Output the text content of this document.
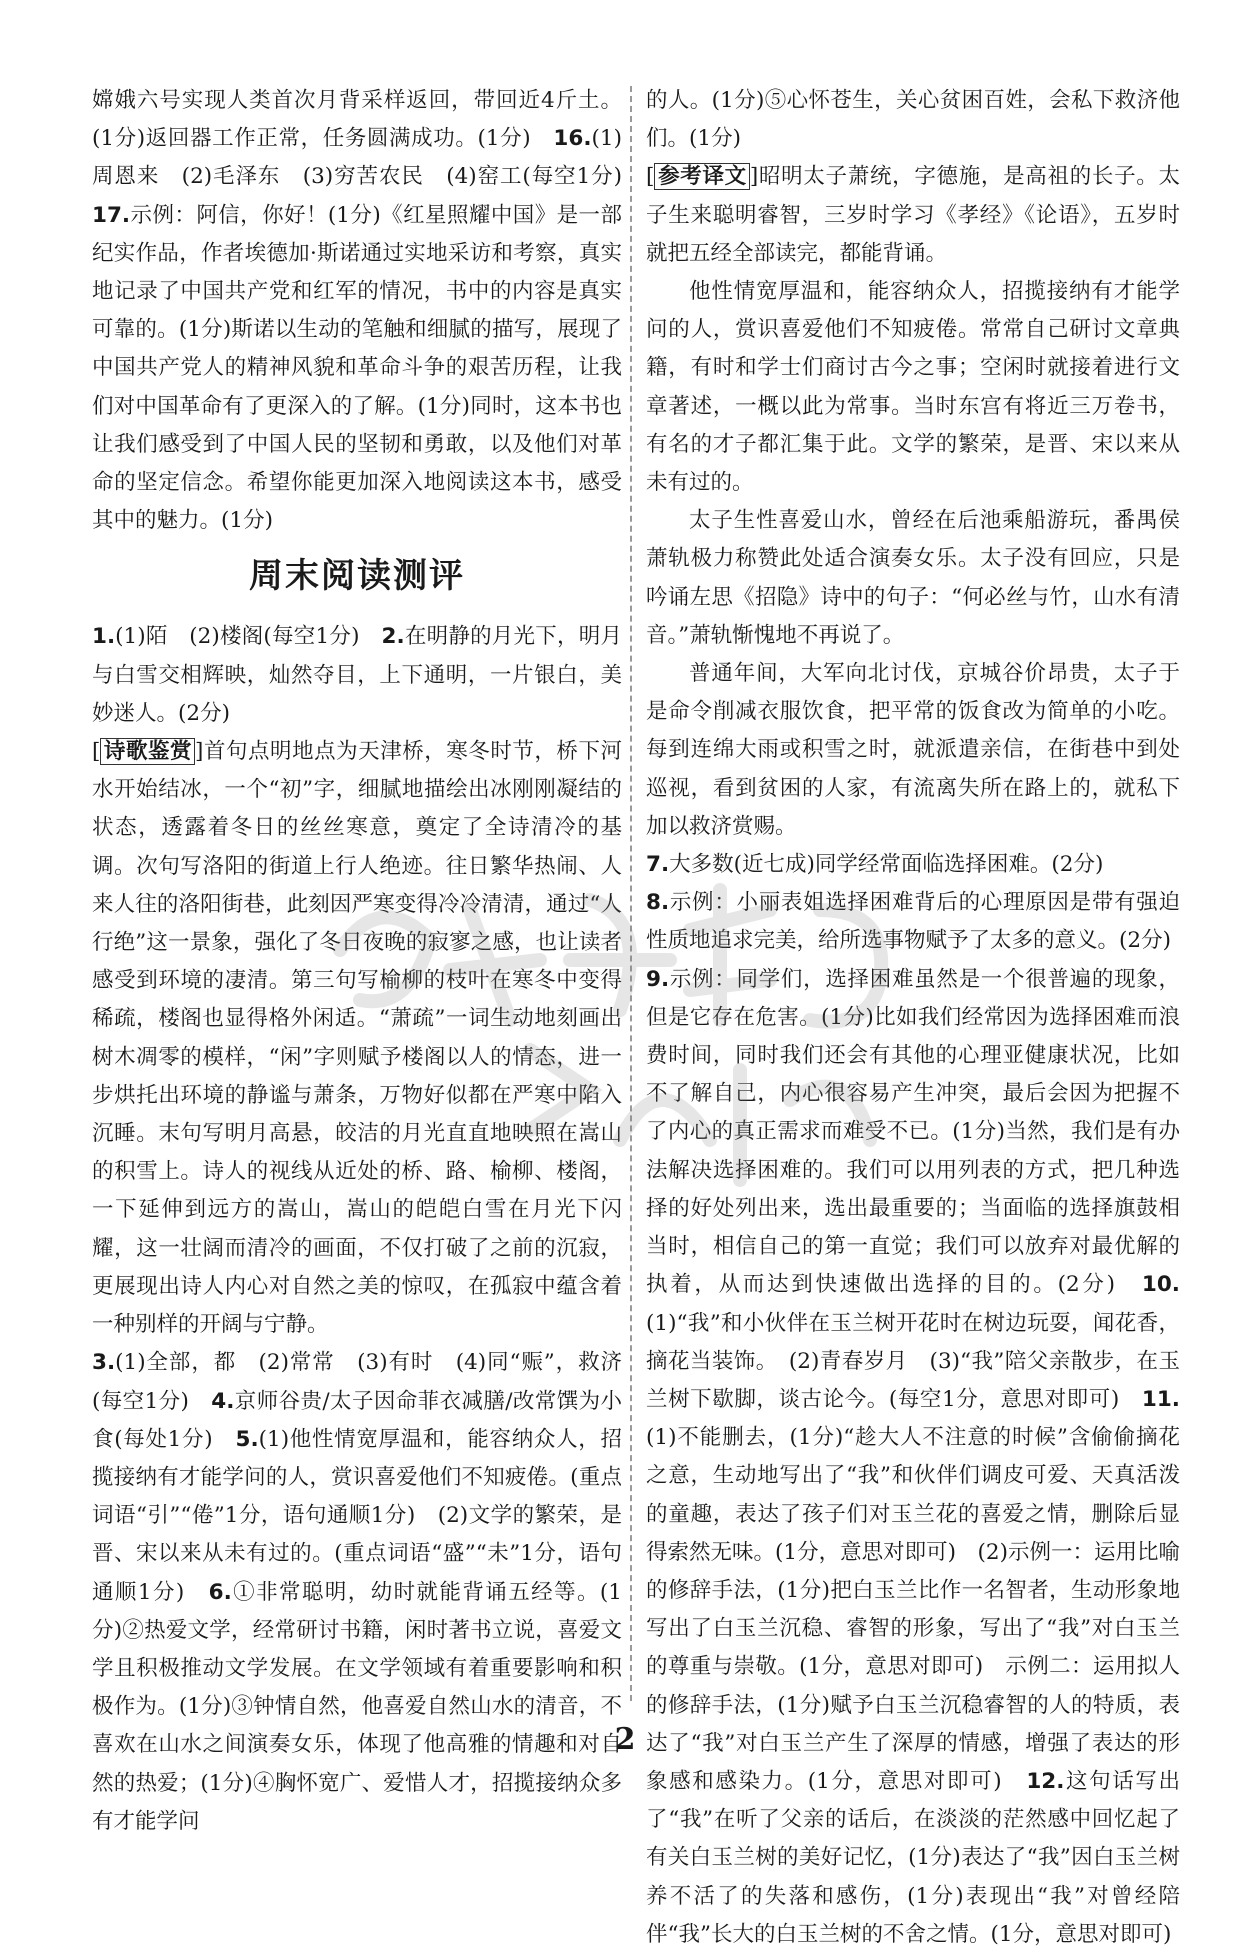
嫦娥六号实现人类首次月背采样返回，带回近4斤土。(1分)返回器工作正常，任务圆满成功。(1分)　 16.(1)周恩来　(2)毛泽东　(3)穷苦农民　(4)窑工(每空1分)　17.示例：阿信，你好！(1分)《红星照耀中国》是一部纪实作品，作者埃德加·斯诺通过实地采访和考察，真实地记录了中国共产党和红军的情况，书中的内容是真实可靠的。(1分)斯诺以生动的笔触和细腻的描写，展现了中国共产党人的精神风貌和革命斗争的艰苦历程，让我们对中国革命有了更深入的了解。(1分)同时，这本书也让我们感受到了中国人民的坚韧和勇敢，以及他们对革命的坚定信念。希望你能更加深入地阅读这本书，感受其中的魅力。(1分)

周末阅读测评

1.(1)陌　(2)楼阁(每空1分)　 2.在明静的月光下，明月与白雪交相辉映，灿然夺目，上下通明，一片银白，美妙迷人。(2分)

[ 诗歌鉴赏 ]首句点明地点为天津桥，寒冬时节，桥下河水开始结冰，一个“初”字，细腻地描绘出冰刚刚凝结的状态，透露着冬日的丝丝寒意，奠定了全诗清冷的基调。次句写洛阳的街道上行人绝迹。往日繁华热闹、人来人往的洛阳街巷，此刻因严寒变得冷冷清清，通过“人行绝”这一景象，强化了冬日夜晚的寂寥之感，也让读者感受到环境的凄清。第三句写榆柳的枝叶在寒冬中变得稀疏，楼阁也显得格外闲适。“萧疏”一词生动地刻画出树木凋零的模样，“闲”字则赋予楼阁以人的情态，进一步烘托出环境的静谧与萧条，万物好似都在严寒中陷入沉睡。末句写明月高悬，皎洁的月光直直地映照在嵩山的积雪上。诗人的视线从近处的桥、路、榆柳、楼阁，一下延伸到远方的嵩山，嵩山的皑皑白雪在月光下闪耀，这一壮阔而清冷的画面，不仅打破了之前的沉寂，更展现出诗人内心对自然之美的惊叹，在孤寂中蕴含着一种别样的开阔与宁静。

3.(1)全部，都　(2)常常　(3)有时　(4)同“赈”，救济(每空1分)　 4.京师谷贵/太子因命菲衣减膳/改常馔为小食(每处1分)　 5.(1)他性情宽厚温和，能容纳众人，招揽接纳有才能学问的人，赏识喜爱他们不知疲倦。(重点词语“引”“倦”1分，语句通顺1分)　(2)文学的繁荣，是晋、宋以来从未有过的。(重点词语“盛”“未”1分，语句通顺1分)　 6.①非常聪明，幼时就能背诵五经等。(1分)②热爱文学，经常研讨书籍，闲时著书立说，喜爱文学且积极推动文学发展。在文学领域有着重要影响和积极作为。(1分)③钟情自然，他喜爱自然山水的清音，不喜欢在山水之间演奏女乐，体现了他高雅的情趣和对自然的热爱；(1分)④胸怀宽广、爱惜人才，招揽接纳众多有才能学问

的人。(1分)⑤心怀苍生，关心贫困百姓，会私下救济他们。(1分)

[ 参考译文 ]昭明太子萧统，字德施，是高祖的长子。太子生来聪明睿智，三岁时学习《孝经》《论语》，五岁时就把五经全部读完，都能背诵。

他性情宽厚温和，能容纳众人，招揽接纳有才能学问的人，赏识喜爱他们不知疲倦。常常自己研讨文章典籍，有时和学士们商讨古今之事；空闲时就接着进行文章著述，一概以此为常事。当时东宫有将近三万卷书，有名的才子都汇集于此。文学的繁荣，是晋、宋以来从未有过的。

太子生性喜爱山水，曾经在后池乘船游玩，番禺侯萧轨极力称赞此处适合演奏女乐。太子没有回应，只是吟诵左思《招隐》诗中的句子：“何必丝与竹，山水有清音。”萧轨惭愧地不再说了。

普通年间，大军向北讨伐，京城谷价昂贵，太子于是命令削减衣服饮食，把平常的饭食改为简单的小吃。每到连绵大雨或积雪之时，就派遣亲信，在街巷中到处巡视，看到贫困的人家，有流离失所在路上的，就私下加以救济赏赐。

7.大多数(近七成)同学经常面临选择困难。(2分)

8.示例：小丽表姐选择困难背后的心理原因是带有强迫性质地追求完美，给所选事物赋予了太多的意义。(2分)

9.示例：同学们，选择困难虽然是一个很普遍的现象，但是它存在危害。(1分)比如我们经常因为选择困难而浪费时间，同时我们还会有其他的心理亚健康状况，比如不了解自己，内心很容易产生冲突，最后会因为把握不了内心的真正需求而难受不已。(1分)当然，我们是有办法解决选择困难的。我们可以用列表的方式，把几种选择的好处列出来，选出最重要的；当面临的选择旗鼓相当时，相信自己的第一直觉；我们可以放弃对最优解的执着，从而达到快速做出选择的目的。(2分)　 10.(1)“我”和小伙伴在玉兰树开花时在树边玩耍，闻花香，摘花当装饰。　(2)青春岁月　(3)“我”陪父亲散步，在玉兰树下歇脚，谈古论今。(每空1分，意思对即可)　 11.(1)不能删去，(1分)“趁大人不注意的时候”含偷偷摘花之意，生动地写出了“我”和伙伴们调皮可爱、天真活泼的童趣，表达了孩子们对玉兰花的喜爱之情，删除后显得索然无味。(1分，意思对即可)　(2)示例一：运用比喻的修辞手法，(1分)把白玉兰比作一名智者，生动形象地写出了白玉兰沉稳、睿智的形象，写出了“我”对白玉兰的尊重与崇敬。(1分，意思对即可)　示例二：运用拟人的修辞手法，(1分)赋予白玉兰沉稳睿智的人的特质，表达了“我”对白玉兰产生了深厚的情感，增强了表达的形象感和感染力。(1分，意思对即可)　 12.这句话写出了“我”在听了父亲的话后，在淡淡的茫然感中回忆起了有关白玉兰树的美好记忆，(1分)表达了“我”因白玉兰树养不活了的失落和感伤，(1分)表现出“我”对曾经陪伴“我”长大的白玉兰树的不舍之情。(1分，意思对即可)

2
